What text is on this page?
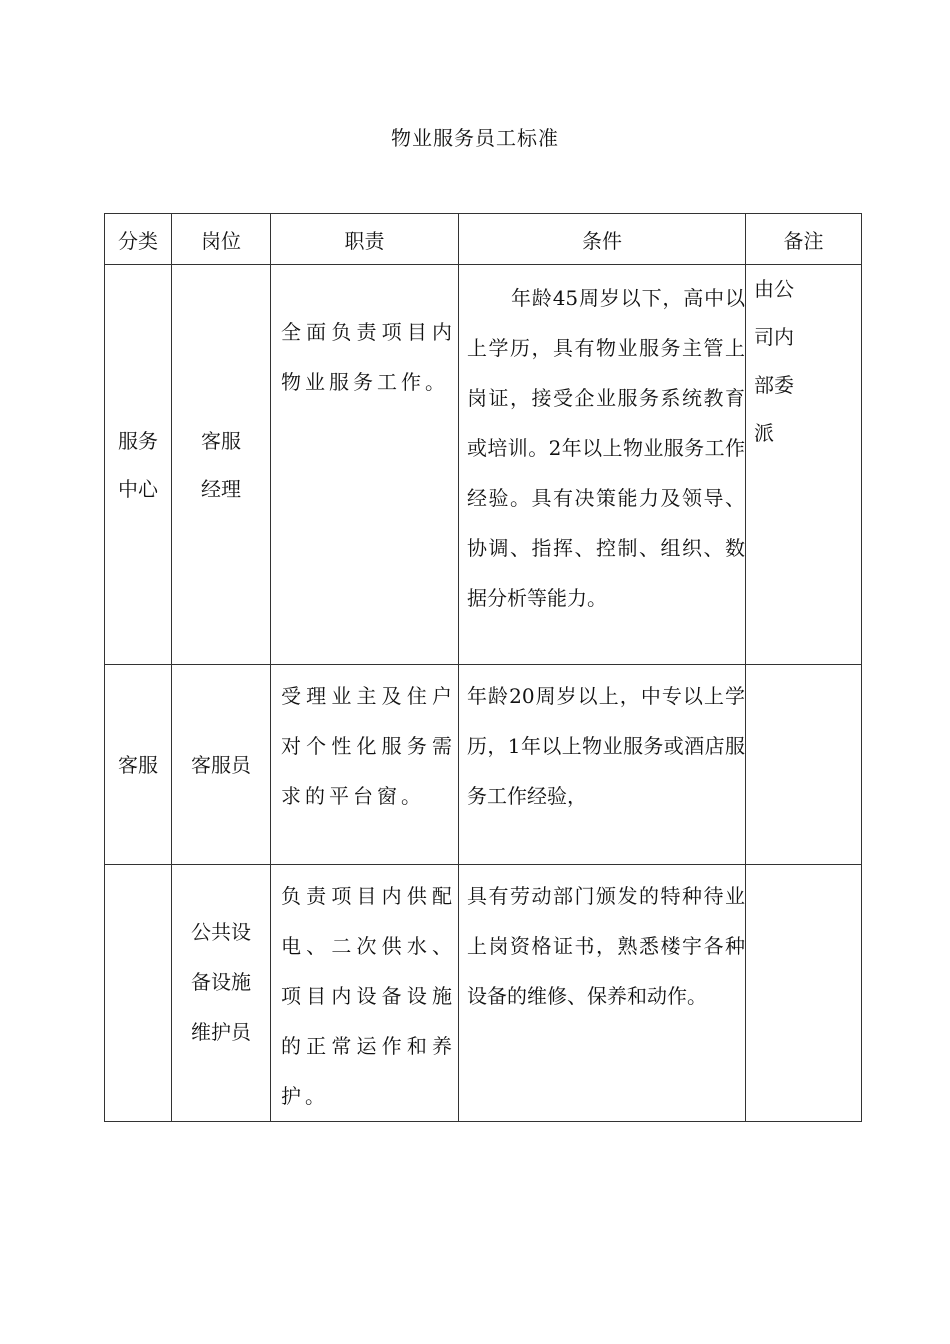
物业服务员工标准
分类	岗位	职责	条件	备注
服务中心	客服经理	全面负责项目内物业服务工作。	年龄45周岁以下，高中以上学历，具有物业服务主管上岗证，接受企业服务系统教育或培训。2年以上物业服务工作经验。具有决策能力及领导、协调、指挥、控制、组织、数据分析等能力。	由公司内部委派

客服	客服员	受理业主及住户对个性化服务需求的平台窗。	年龄20周岁以上，中专以上学历，1年以上物业服务或酒店服务工作经验，	
	公共设备设施维护员	负责项目内供配电、二次供水、项目内设备设施的正常运作和养护。	具有劳动部门颁发的特种待业上岗资格证书，熟悉楼宇各种设备的维修、保养和动作。	
